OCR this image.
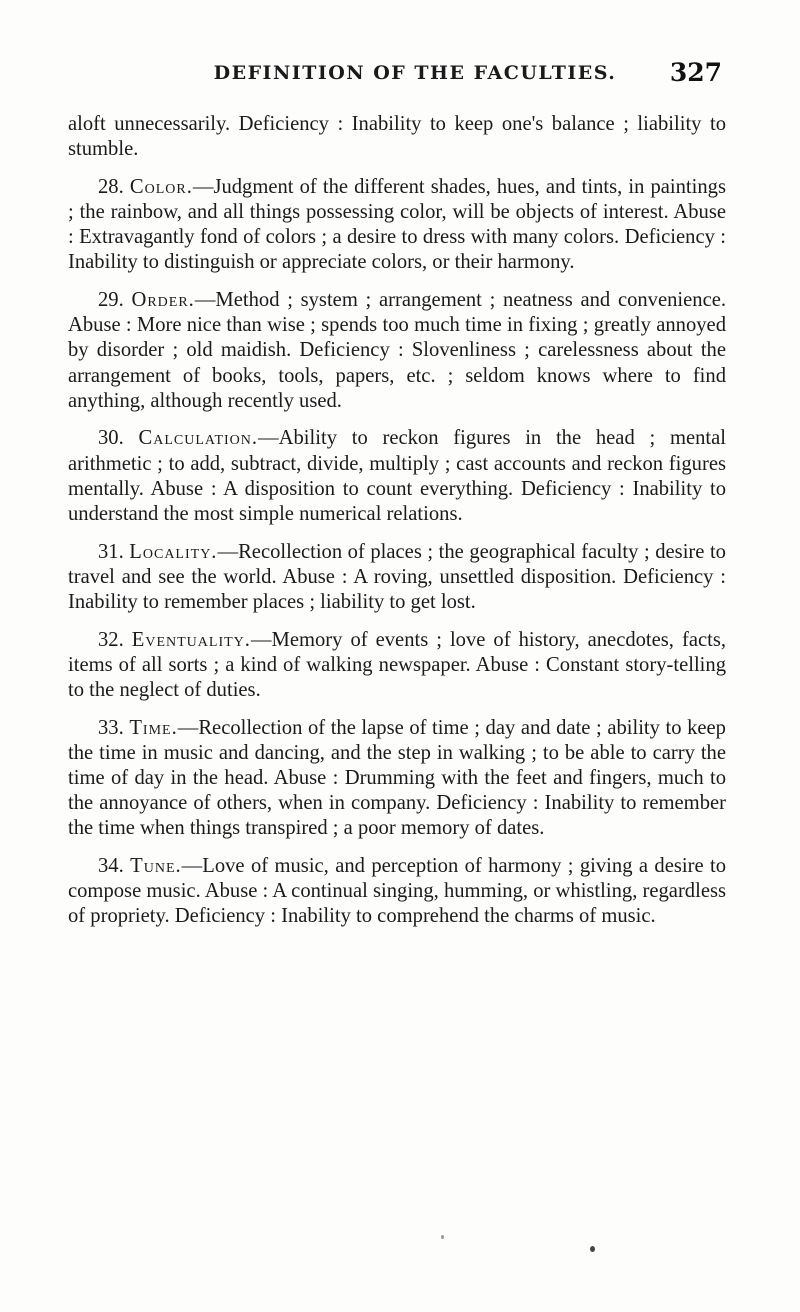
DEFINITION OF THE FACULTIES.	327

aloft unnecessarily. Deficiency : Inability to keep one's balance ; liability to stumble.

28. Color.—Judgment of the different shades, hues, and tints, in paintings ; the rainbow, and all things possessing color, will be objects of interest. Abuse : Extravagantly fond of colors ; a desire to dress with many colors. Deficiency : Inability to distinguish or appreciate colors, or their harmony.

29. Order.—Method ; system ; arrangement ; neatness and convenience. Abuse : More nice than wise ; spends too much time in fixing ; greatly annoyed by disorder ; old maidish. Deficiency : Slovenliness ; carelessness about the arrangement of books, tools, papers, etc. ; seldom knows where to find anything, although recently used.

30. Calculation.—Ability to reckon figures in the head ; mental arithmetic ; to add, subtract, divide, multiply ; cast accounts and reckon figures mentally. Abuse : A disposition to count everything. Deficiency : Inability to understand the most simple numerical relations.

31. Locality.—Recollection of places ; the geographical faculty ; desire to travel and see the world. Abuse : A roving, unsettled disposition. Deficiency : Inability to remember places ; liability to get lost.

32. Eventuality.—Memory of events ; love of history, anecdotes, facts, items of all sorts ; a kind of walking newspaper. Abuse : Constant story-telling to the neglect of duties.

33. Time.—Recollection of the lapse of time ; day and date ; ability to keep the time in music and dancing, and the step in walking ; to be able to carry the time of day in the head. Abuse : Drumming with the feet and fingers, much to the annoyance of others, when in company. Deficiency : Inability to remember the time when things transpired ; a poor memory of dates.

34. Tune.—Love of music, and perception of harmony ; giving a desire to compose music. Abuse : A continual singing, humming, or whistling, regardless of propriety. Deficiency : Inability to comprehend the charms of music.
